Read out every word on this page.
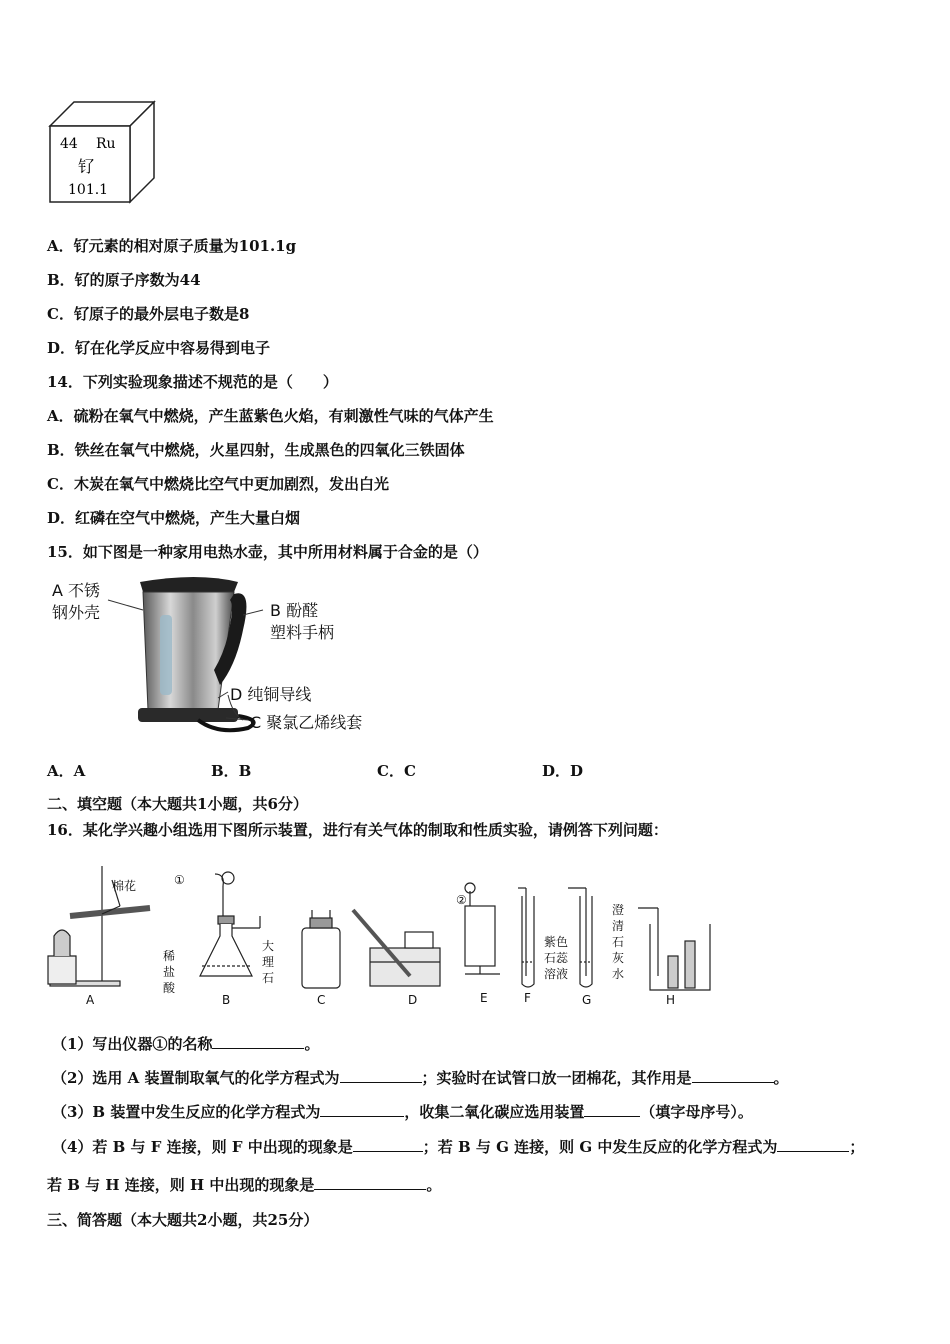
44 Ru
钌
101.1
A．钌元素的相对原子质量为101.1g
B．钌的原子序数为44
C．钌原子的最外层电子数是8
D．钌在化学反应中容易得到电子
14．下列实验现象描述不规范的是（　　）
A．硫粉在氧气中燃烧，产生蓝紫色火焰，有刺激性气味的气体产生
B．铁丝在氧气中燃烧，火星四射，生成黑色的四氧化三铁固体
C．木炭在氧气中燃烧比空气中更加剧烈，发出白光
D．红磷在空气中燃烧，产生大量白烟
15．如下图是一种家用电热水壶，其中所用材料属于合金的是（）
A 不锈
钢外壳	B 酚醛
塑料手柄
D 纯铜导线
C 聚氯乙烯线套
A．A	B．B	C．C	D．D
二、填空题（本大题共1小题，共6分）
16．某化学兴趣小组选用下图所示装置，进行有关气体的制取和性质实验，请例答下列问题：
棉花	①
②
稀
盐
酸
大
理
石
紫色
石蕊
溶液
澄
清
石
灰
水
A	B	C	D	E	F	G	H
（1）写出仪器①的名称	。
（2）选用 A 装置制取氧气的化学方程式为	；实验时在试管口放一团棉花，其作用是	。
（3）B 装置中发生反应的化学方程式为	，收集二氧化碳应选用装置	（填字母序号）。
（4）若 B 与 F 连接，则 F 中出现的现象是	；若 B 与 G 连接，则 G 中发生反应的化学方程式为	；
若 B 与 H 连接，则 H 中出现的现象是	。
三、简答题（本大题共2小题，共25分）
